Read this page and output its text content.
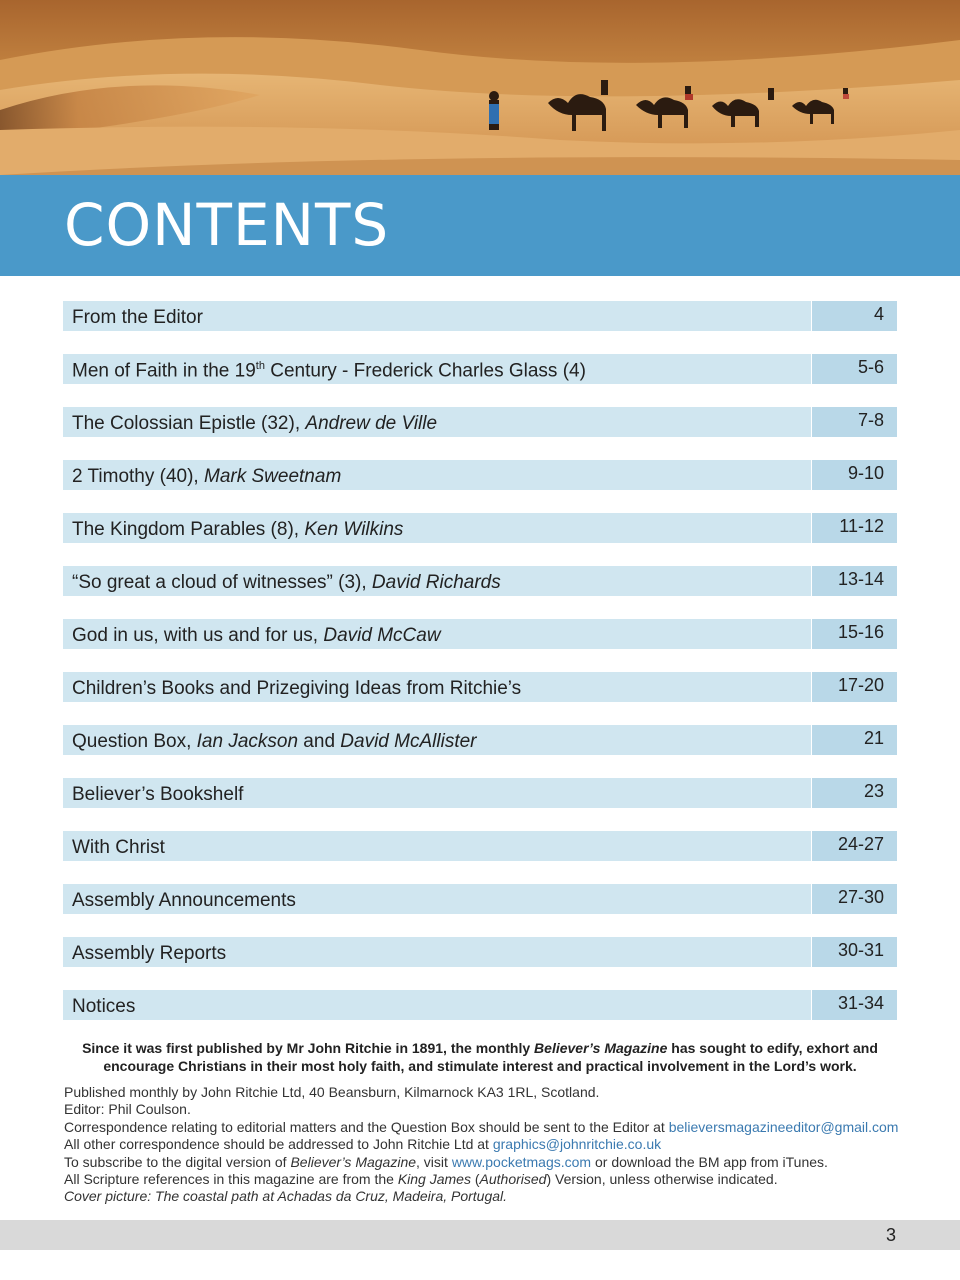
CONTENTS
From the Editor	4
Men of Faith in the 19th Century - Frederick Charles Glass (4)	5-6
The Colossian Epistle (32), Andrew de Ville	7-8
2 Timothy (40), Mark Sweetnam	9-10
The Kingdom Parables (8), Ken Wilkins	11-12
“So great a cloud of witnesses” (3), David Richards	13-14
God in us, with us and for us, David McCaw	15-16
Children’s Books and Prizegiving Ideas from Ritchie’s	17-20
Question Box, Ian Jackson and David McAllister	21
Believer’s Bookshelf	23
With Christ	24-27
Assembly Announcements	27-30
Assembly Reports	30-31
Notices	31-34
Since it was first published by Mr John Ritchie in 1891, the monthly Believer’s Magazine has sought to edify, exhort and encourage Christians in their most holy faith, and stimulate interest and practical involvement in the Lord’s work.
Published monthly by John Ritchie Ltd, 40 Beansburn, Kilmarnock KA3 1RL, Scotland.
Editor: Phil Coulson.
Correspondence relating to editorial matters and the Question Box should be sent to the Editor at believersmagazineeditor@gmail.com
All other correspondence should be addressed to John Ritchie Ltd at graphics@johnritchie.co.uk
To subscribe to the digital version of Believer’s Magazine, visit www.pocketmags.com or download the BM app from iTunes.
All Scripture references in this magazine are from the King James (Authorised) Version, unless otherwise indicated.
Cover picture: The coastal path at Achadas da Cruz, Madeira, Portugal.
3
